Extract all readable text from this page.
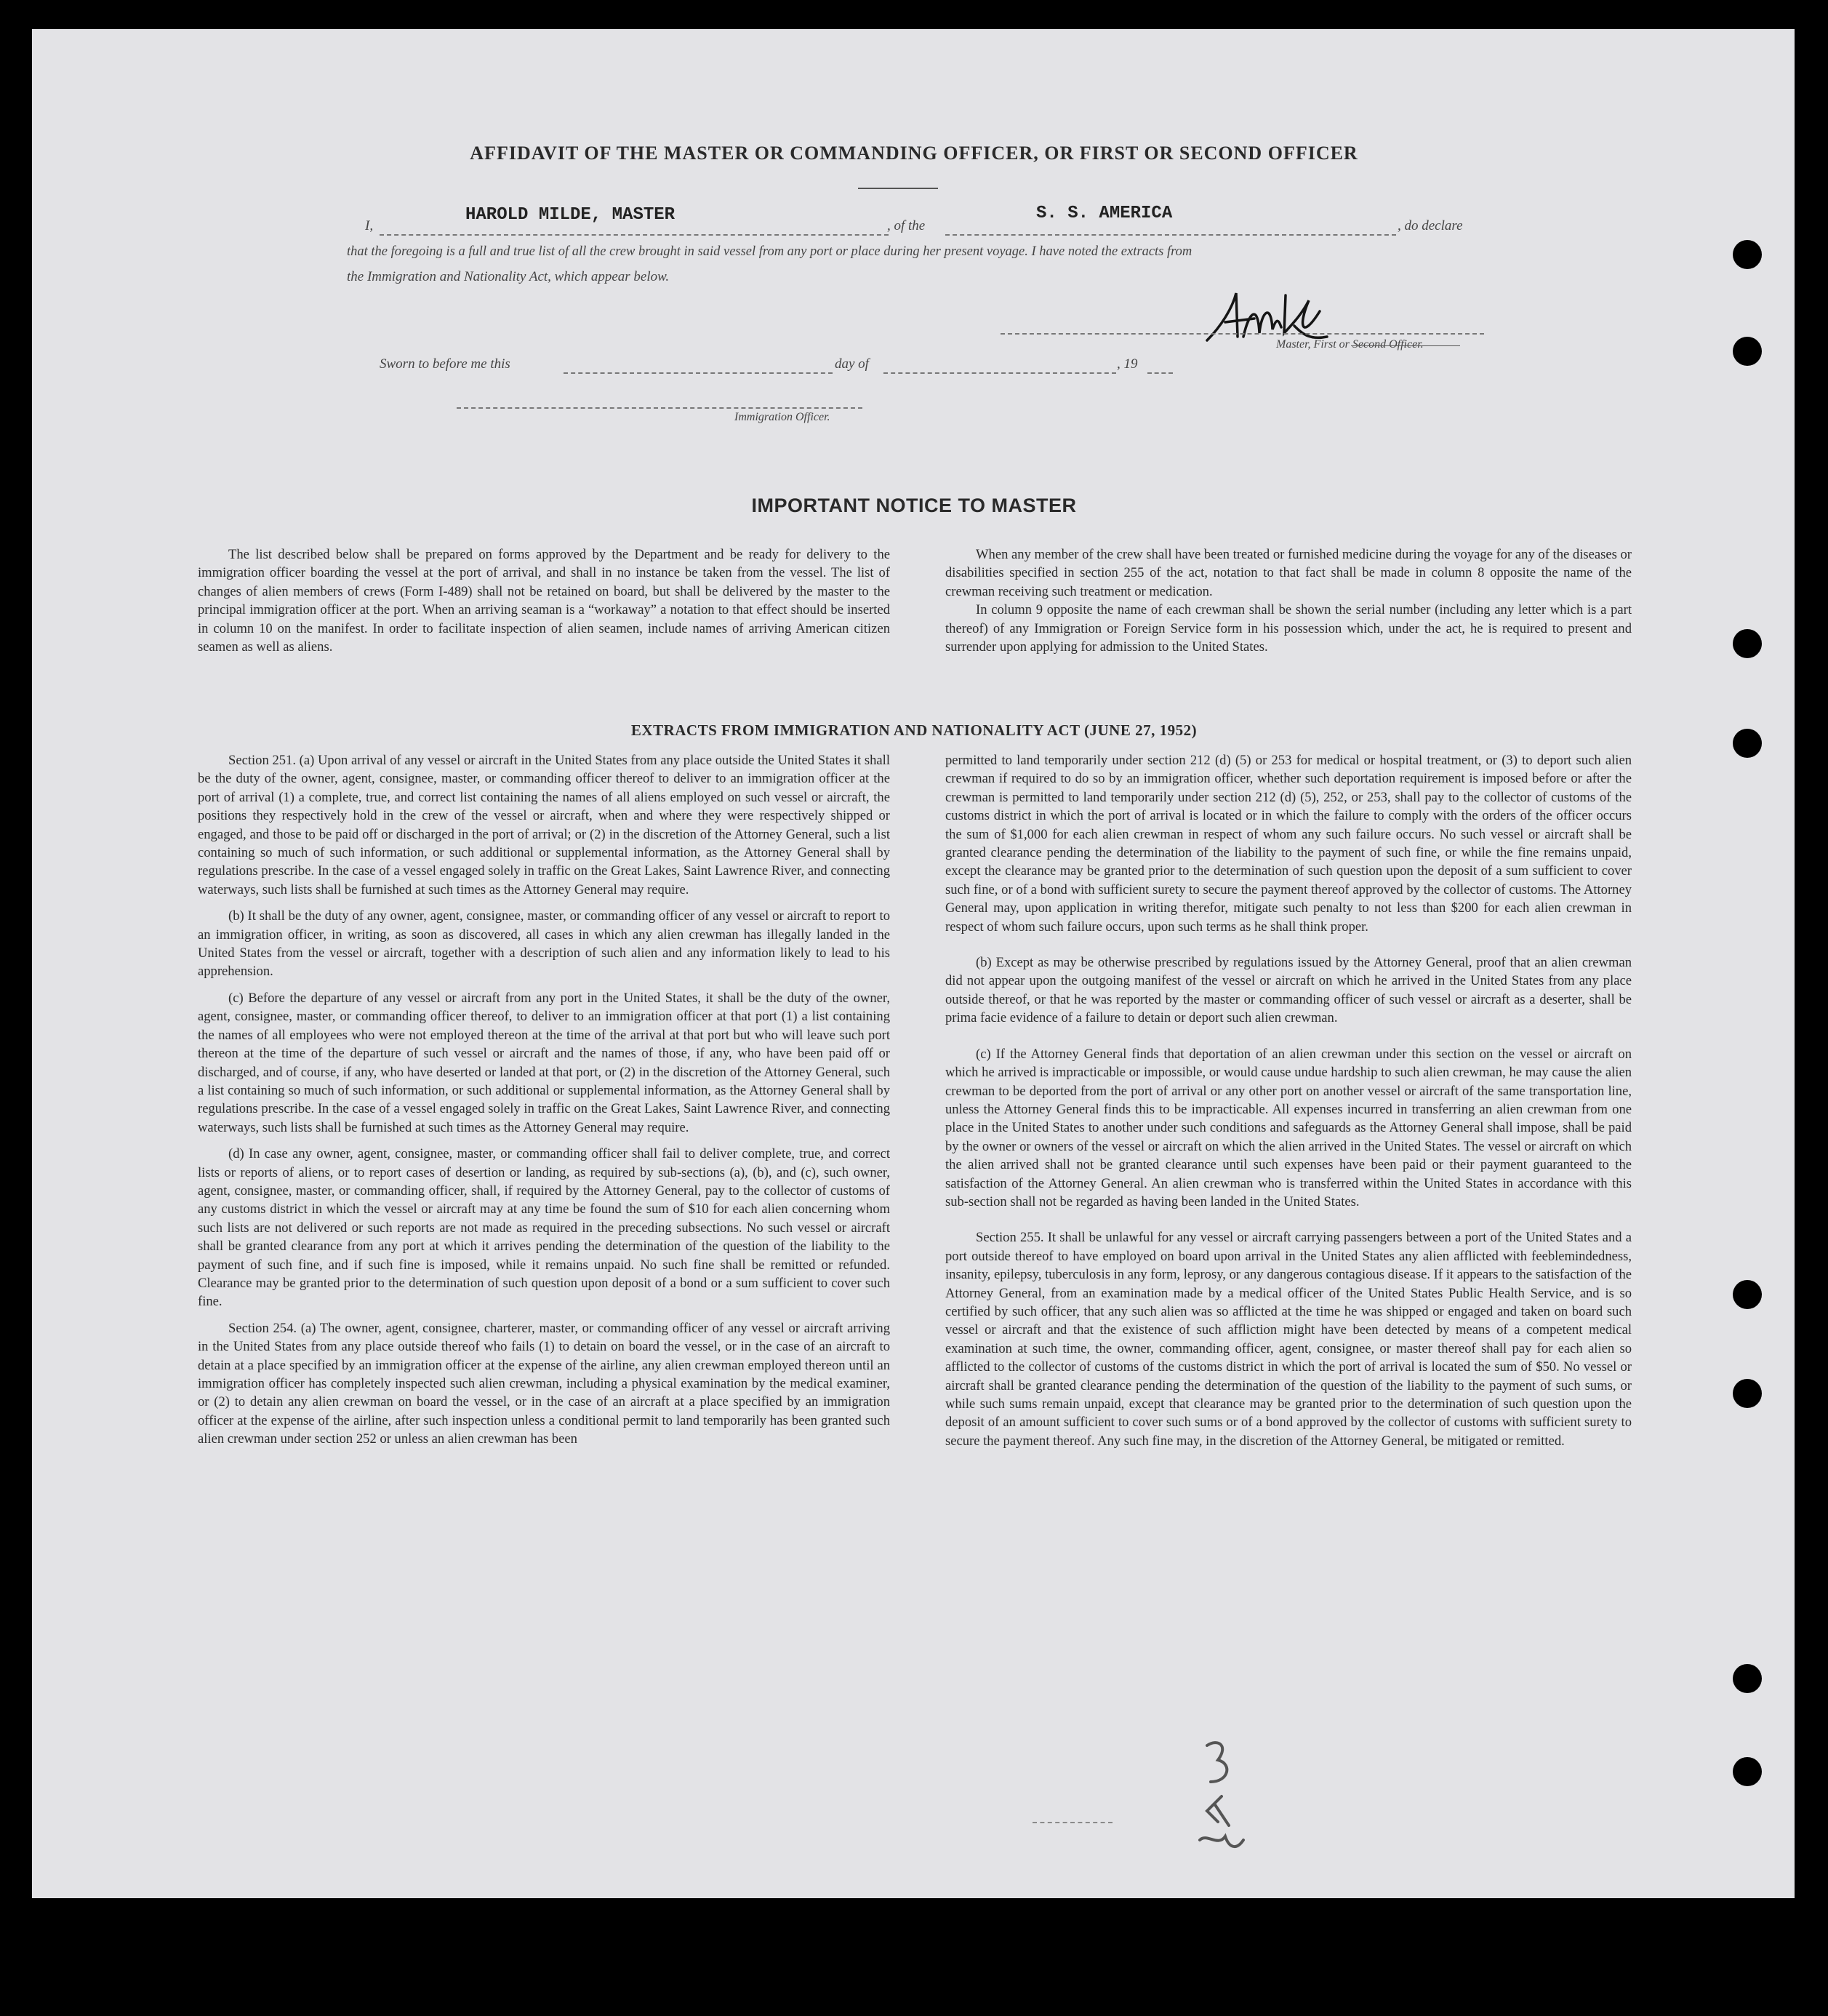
AFFIDAVIT OF THE MASTER OR COMMANDING OFFICER, OR FIRST OR SECOND OFFICER
I,
HAROLD MILDE, MASTER
, of the
S. S. AMERICA
, do declare
that the foregoing is a full and true list of all the crew brought in said vessel from any port or place during her present voyage. I have noted the extracts from
the Immigration and Nationality Act, which appear below.
Master, First or Second Officer.
Sworn to before me this	day of	, 19
Immigration Officer.
IMPORTANT NOTICE TO MASTER

The list described below shall be prepared on forms approved by the Department and be ready for delivery to the immigration officer boarding the vessel at the port of arrival, and shall in no instance be taken from the vessel. The list of changes of alien members of crews (Form I-489) shall not be retained on board, but shall be delivered by the master to the principal immigration officer at the port. When an arriving seaman is a “workaway” a notation to that effect should be inserted in column 10 on the manifest. In order to facilitate inspection of alien seamen, include names of arriving American citizen seamen as well as aliens.

When any member of the crew shall have been treated or furnished medicine during the voyage for any of the diseases or disabilities specified in section 255 of the act, notation to that fact shall be made in column 8 opposite the name of the crewman receiving such treatment or medication.

In column 9 opposite the name of each crewman shall be shown the serial number (including any letter which is a part thereof) of any Immigration or Foreign Service form in his possession which, under the act, he is required to present and surrender upon applying for admission to the United States.

EXTRACTS FROM IMMIGRATION AND NATIONALITY ACT (JUNE 27, 1952)

Section 251. (a) Upon arrival of any vessel or aircraft in the United States from any place outside the United States it shall be the duty of the owner, agent, consignee, master, or commanding officer thereof to deliver to an immigration officer at the port of arrival (1) a complete, true, and correct list containing the names of all aliens employed on such vessel or aircraft, the positions they respectively hold in the crew of the vessel or aircraft, when and where they were respectively shipped or engaged, and those to be paid off or discharged in the port of arrival; or (2) in the discretion of the Attorney General, such a list containing so much of such information, or such additional or supplemental information, as the Attorney General shall by regulations prescribe. In the case of a vessel engaged solely in traffic on the Great Lakes, Saint Lawrence River, and connecting waterways, such lists shall be furnished at such times as the Attorney General may require.

(b) It shall be the duty of any owner, agent, consignee, master, or commanding officer of any vessel or aircraft to report to an immigration officer, in writing, as soon as discovered, all cases in which any alien crewman has illegally landed in the United States from the vessel or aircraft, together with a description of such alien and any information likely to lead to his apprehension.

(c) Before the departure of any vessel or aircraft from any port in the United States, it shall be the duty of the owner, agent, consignee, master, or commanding officer thereof, to deliver to an immigration officer at that port (1) a list containing the names of all employees who were not employed thereon at the time of the arrival at that port but who will leave such port thereon at the time of the departure of such vessel or aircraft and the names of those, if any, who have been paid off or discharged, and of course, if any, who have deserted or landed at that port, or (2) in the discretion of the Attorney General, such a list containing so much of such information, or such additional or supplemental information, as the Attorney General shall by regulations prescribe. In the case of a vessel engaged solely in traffic on the Great Lakes, Saint Lawrence River, and connecting waterways, such lists shall be furnished at such times as the Attorney General may require.

(d) In case any owner, agent, consignee, master, or commanding officer shall fail to deliver complete, true, and correct lists or reports of aliens, or to report cases of desertion or landing, as required by sub-sections (a), (b), and (c), such owner, agent, consignee, master, or commanding officer, shall, if required by the Attorney General, pay to the collector of customs of any customs district in which the vessel or aircraft may at any time be found the sum of $10 for each alien concerning whom such lists are not delivered or such reports are not made as required in the preceding subsections. No such vessel or aircraft shall be granted clearance from any port at which it arrives pending the determination of the question of the liability to the payment of such fine, and if such fine is imposed, while it remains unpaid. No such fine shall be remitted or refunded. Clearance may be granted prior to the determination of such question upon deposit of a bond or a sum sufficient to cover such fine.

Section 254. (a) The owner, agent, consignee, charterer, master, or commanding officer of any vessel or aircraft arriving in the United States from any place outside thereof who fails (1) to detain on board the vessel, or in the case of an aircraft to detain at a place specified by an immigration officer at the expense of the airline, any alien crewman employed thereon until an immigration officer has completely inspected such alien crewman, including a physical examination by the medical examiner, or (2) to detain any alien crewman on board the vessel, or in the case of an aircraft at a place specified by an immigration officer at the expense of the airline, after such inspection unless a conditional permit to land temporarily has been granted such alien crewman under section 252 or unless an alien crewman has been

permitted to land temporarily under section 212 (d) (5) or 253 for medical or hospital treatment, or (3) to deport such alien crewman if required to do so by an immigration officer, whether such deportation requirement is imposed before or after the crewman is permitted to land temporarily under section 212 (d) (5), 252, or 253, shall pay to the collector of customs of the customs district in which the port of arrival is located or in which the failure to comply with the orders of the officer occurs the sum of $1,000 for each alien crewman in respect of whom any such failure occurs. No such vessel or aircraft shall be granted clearance pending the determination of the liability to the payment of such fine, or while the fine remains unpaid, except the clearance may be granted prior to the determination of such question upon the deposit of a sum sufficient to cover such fine, or of a bond with sufficient surety to secure the payment thereof approved by the collector of customs. The Attorney General may, upon application in writing therefor, mitigate such penalty to not less than $200 for each alien crewman in respect of whom such failure occurs, upon such terms as he shall think proper.

(b) Except as may be otherwise prescribed by regulations issued by the Attorney General, proof that an alien crewman did not appear upon the outgoing manifest of the vessel or aircraft on which he arrived in the United States from any place outside thereof, or that he was reported by the master or commanding officer of such vessel or aircraft as a deserter, shall be prima facie evidence of a failure to detain or deport such alien crewman.

(c) If the Attorney General finds that deportation of an alien crewman under this section on the vessel or aircraft on which he arrived is impracticable or impossible, or would cause undue hardship to such alien crewman, he may cause the alien crewman to be deported from the port of arrival or any other port on another vessel or aircraft of the same transportation line, unless the Attorney General finds this to be impracticable. All expenses incurred in transferring an alien crewman from one place in the United States to another under such conditions and safeguards as the Attorney General shall impose, shall be paid by the owner or owners of the vessel or aircraft on which the alien arrived in the United States. The vessel or aircraft on which the alien arrived shall not be granted clearance until such expenses have been paid or their payment guaranteed to the satisfaction of the Attorney General. An alien crewman who is transferred within the United States in accordance with this sub-section shall not be regarded as having been landed in the United States.

Section 255. It shall be unlawful for any vessel or aircraft carrying passengers between a port of the United States and a port outside thereof to have employed on board upon arrival in the United States any alien afflicted with feeblemindedness, insanity, epilepsy, tuberculosis in any form, leprosy, or any dangerous contagious disease. If it appears to the satisfaction of the Attorney General, from an examination made by a medical officer of the United States Public Health Service, and is so certified by such officer, that any such alien was so afflicted at the time he was shipped or engaged and taken on board such vessel or aircraft and that the existence of such affliction might have been detected by means of a competent medical examination at such time, the owner, commanding officer, agent, consignee, or master thereof shall pay for each alien so afflicted to the collector of customs of the customs district in which the port of arrival is located the sum of $50. No vessel or aircraft shall be granted clearance pending the determination of the question of the liability to the payment of such sums, or while such sums remain unpaid, except that clearance may be granted prior to the determination of such question upon the deposit of an amount sufficient to cover such sums or of a bond approved by the collector of customs with sufficient surety to secure the payment thereof. Any such fine may, in the discretion of the Attorney General, be mitigated or remitted.
